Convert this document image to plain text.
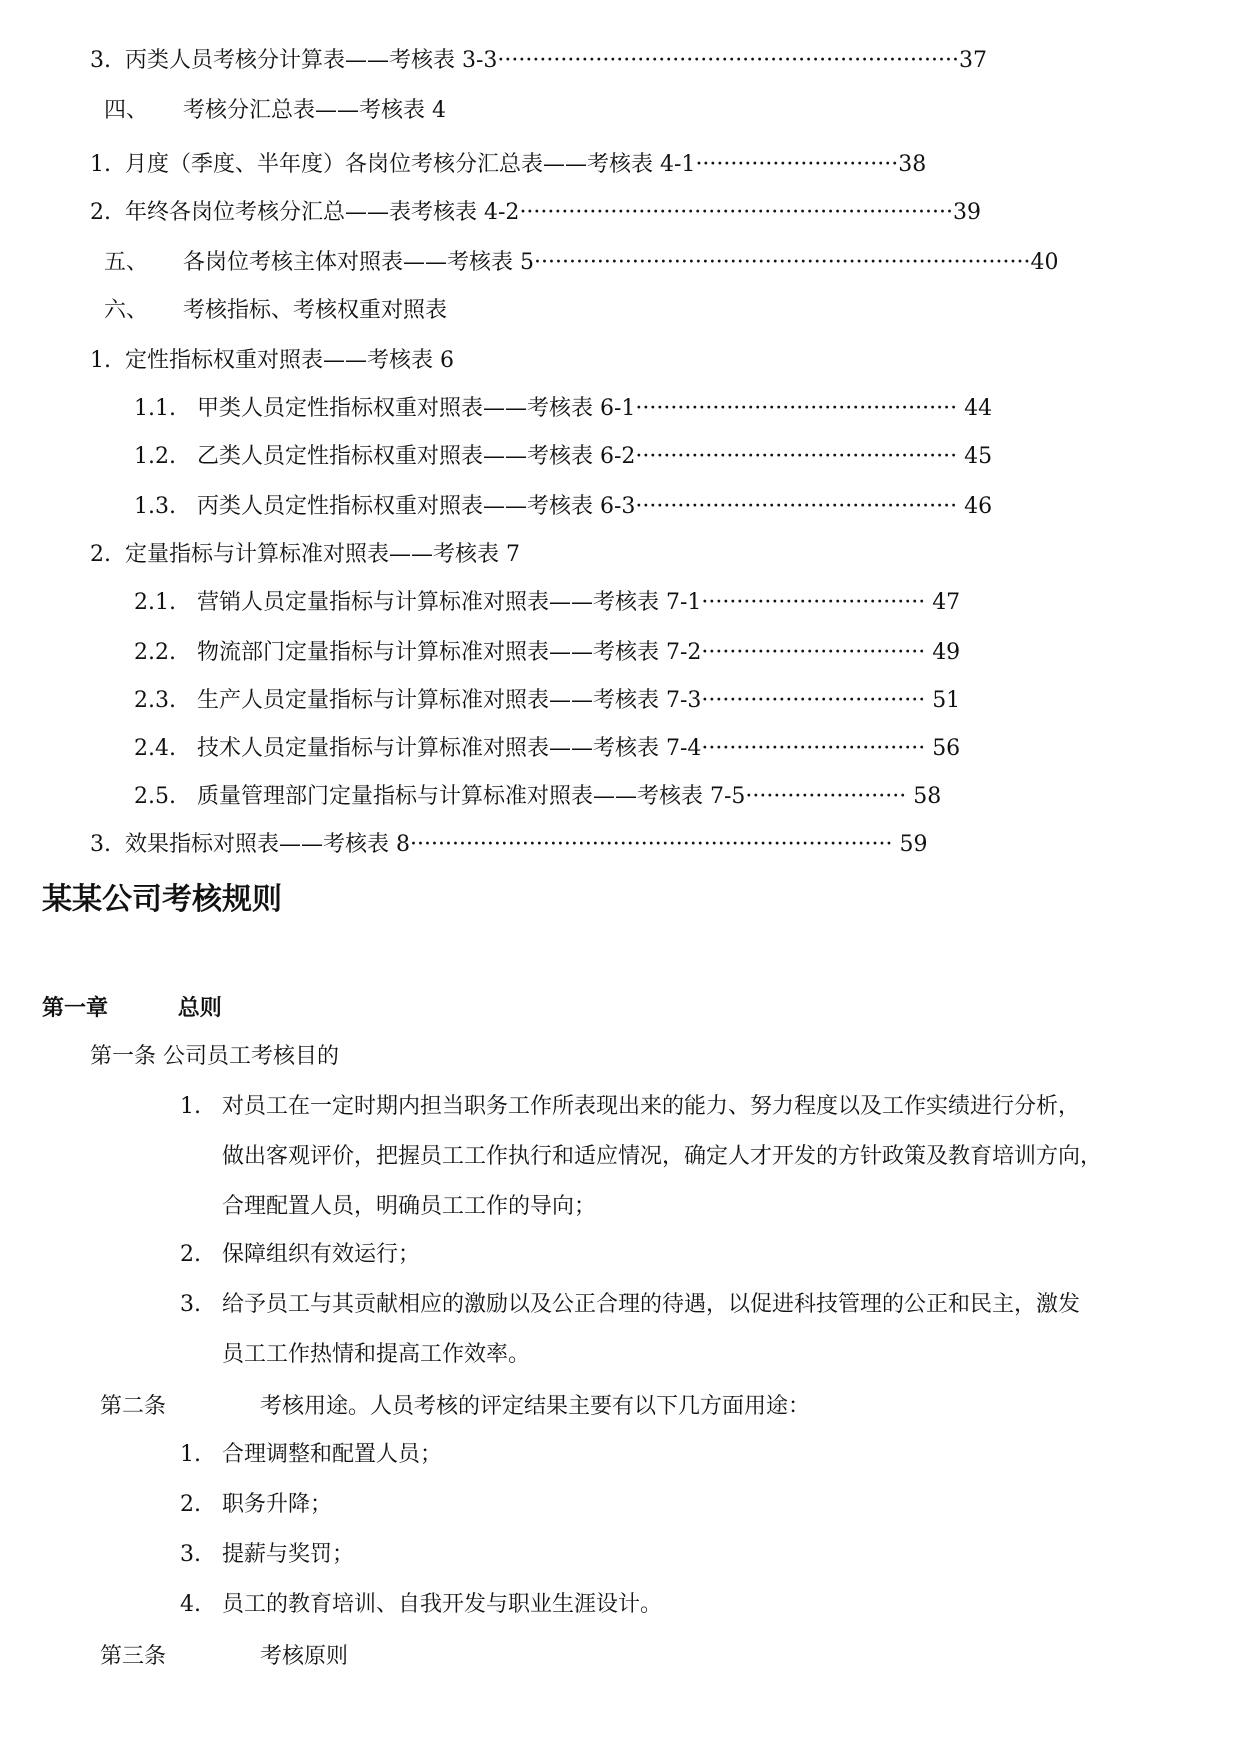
3. 丙类人员考核分计算表——考核表 3-3··································································37
四、 考核分汇总表——考核表 4
1. 月度（季度、半年度）各岗位考核分汇总表——考核表 4-1·····························38
2. 年终各岗位考核分汇总——表考核表 4-2······························································39
五、 各岗位考核主体对照表——考核表 5·······································································40
六、 考核指标、考核权重对照表
1. 定性指标权重对照表——考核表 6
1.1. 甲类人员定性指标权重对照表——考核表 6-1·············································· 44
1.2. 乙类人员定性指标权重对照表——考核表 6-2·············································· 45
1.3. 丙类人员定性指标权重对照表——考核表 6-3·············································· 46
2. 定量指标与计算标准对照表——考核表 7
2.1. 营销人员定量指标与计算标准对照表——考核表 7-1································ 47
2.2. 物流部门定量指标与计算标准对照表——考核表 7-2································ 49
2.3. 生产人员定量指标与计算标准对照表——考核表 7-3································ 51
2.4. 技术人员定量指标与计算标准对照表——考核表 7-4································ 56
2.5. 质量管理部门定量指标与计算标准对照表——考核表 7-5······················· 58
3. 效果指标对照表——考核表 8····································································· 59
某某公司考核规则
第一章	总则
第一条 公司员工考核目的
1. 对员工在一定时期内担当职务工作所表现出来的能力、努力程度以及工作实绩进行分析，
做出客观评价，把握员工工作执行和适应情况，确定人才开发的方针政策及教育培训方向，
合理配置人员，明确员工工作的导向；
2. 保障组织有效运行；
3. 给予员工与其贡献相应的激励以及公正合理的待遇，以促进科技管理的公正和民主，激发
员工工作热情和提高工作效率。
第二条	考核用途。人员考核的评定结果主要有以下几方面用途：
1. 合理调整和配置人员；
2. 职务升降；
3. 提薪与奖罚；
4. 员工的教育培训、自我开发与职业生涯设计。
第三条	考核原则
